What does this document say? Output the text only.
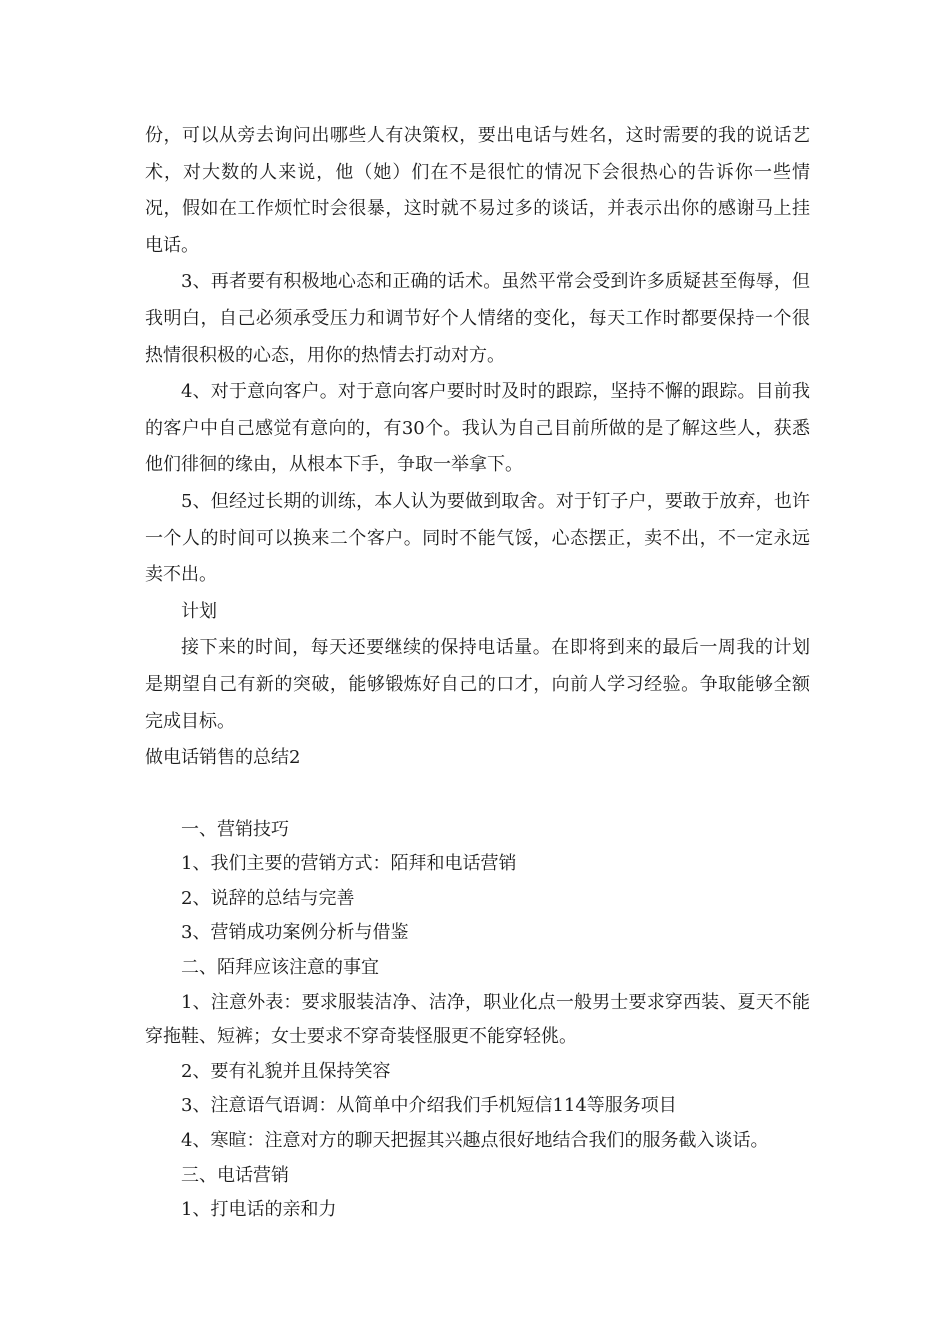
份，可以从旁去询问出哪些人有决策权，要出电话与姓名，这时需要的我的说话艺术，对大数的人来说，他（她）们在不是很忙的情况下会很热心的告诉你一些情况，假如在工作烦忙时会很暴，这时就不易过多的谈话，并表示出你的感谢马上挂电话。

3、再者要有积极地心态和正确的话术。虽然平常会受到许多质疑甚至侮辱，但我明白，自己必须承受压力和调节好个人情绪的变化，每天工作时都要保持一个很热情很积极的心态，用你的热情去打动对方。

4、对于意向客户。对于意向客户要时时及时的跟踪，坚持不懈的跟踪。目前我的客户中自己感觉有意向的，有30个。我认为自己目前所做的是了解这些人，获悉他们徘徊的缘由，从根本下手，争取一举拿下。

5、但经过长期的训练，本人认为要做到取舍。对于钉子户，要敢于放弃，也许一个人的时间可以换来二个客户。同时不能气馁，心态摆正，卖不出，不一定永远卖不出。

计划

接下来的时间，每天还要继续的保持电话量。在即将到来的最后一周我的计划是期望自己有新的突破，能够锻炼好自己的口才，向前人学习经验。争取能够全额完成目标。

做电话销售的总结2

一、营销技巧

1、我们主要的营销方式：陌拜和电话营销

2、说辞的总结与完善

3、营销成功案例分析与借鉴

二、陌拜应该注意的事宜

1、注意外表：要求服装洁净、洁净，职业化点一般男士要求穿西装、夏天不能穿拖鞋、短裤；女士要求不穿奇装怪服更不能穿轻佻。

2、要有礼貌并且保持笑容

3、注意语气语调：从简单中介绍我们手机短信114等服务项目

4、寒暄：注意对方的聊天把握其兴趣点很好地结合我们的服务截入谈话。

三、电话营销

1、打电话的亲和力
